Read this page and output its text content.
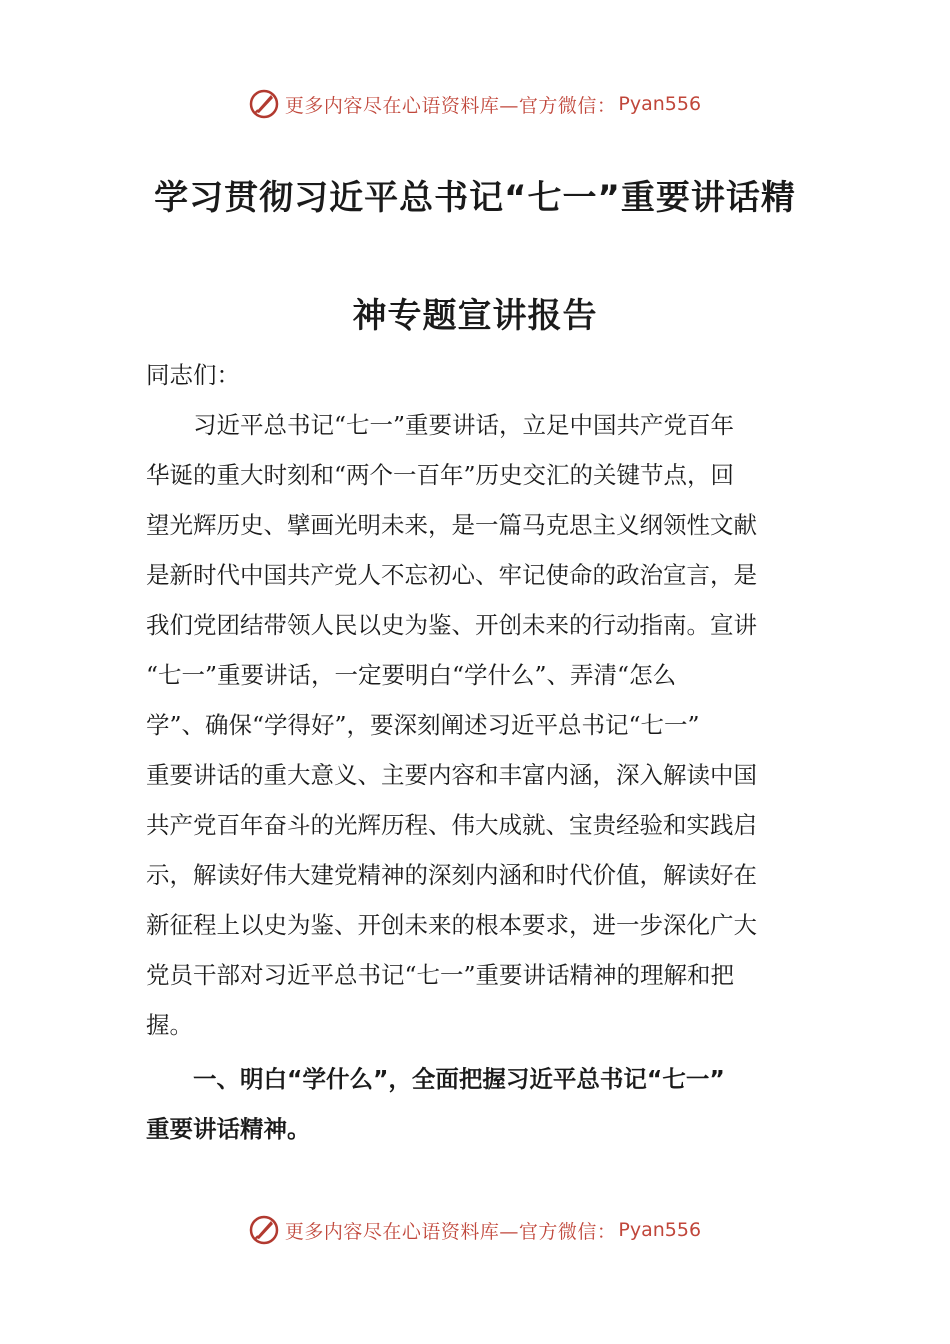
更多内容尽在心语资料库—官方微信： Pyan556
学习贯彻习近平总书记“七一”重要讲话精
神专题宣讲报告
同志们：
习近平总书记“七一”重要讲话，立足中国共产党百年
华诞的重大时刻和“两个一百年”历史交汇的关键节点，回
望光辉历史、擘画光明未来，是一篇马克思主义纲领性文献
是新时代中国共产党人不忘初心、牢记使命的政治宣言，是
我们党团结带领人民以史为鉴、开创未来的行动指南。宣讲
“七一”重要讲话，一定要明白“学什么”、弄清“怎么
学”、确保“学得好”，要深刻阐述习近平总书记“七一”
重要讲话的重大意义、主要内容和丰富内涵，深入解读中国
共产党百年奋斗的光辉历程、伟大成就、宝贵经验和实践启
示，解读好伟大建党精神的深刻内涵和时代价值，解读好在
新征程上以史为鉴、开创未来的根本要求，进一步深化广大
党员干部对习近平总书记“七一”重要讲话精神的理解和把
握。
一、明白“学什么”，全面把握习近平总书记“七一”
重要讲话精神。
更多内容尽在心语资料库—官方微信： Pyan556
